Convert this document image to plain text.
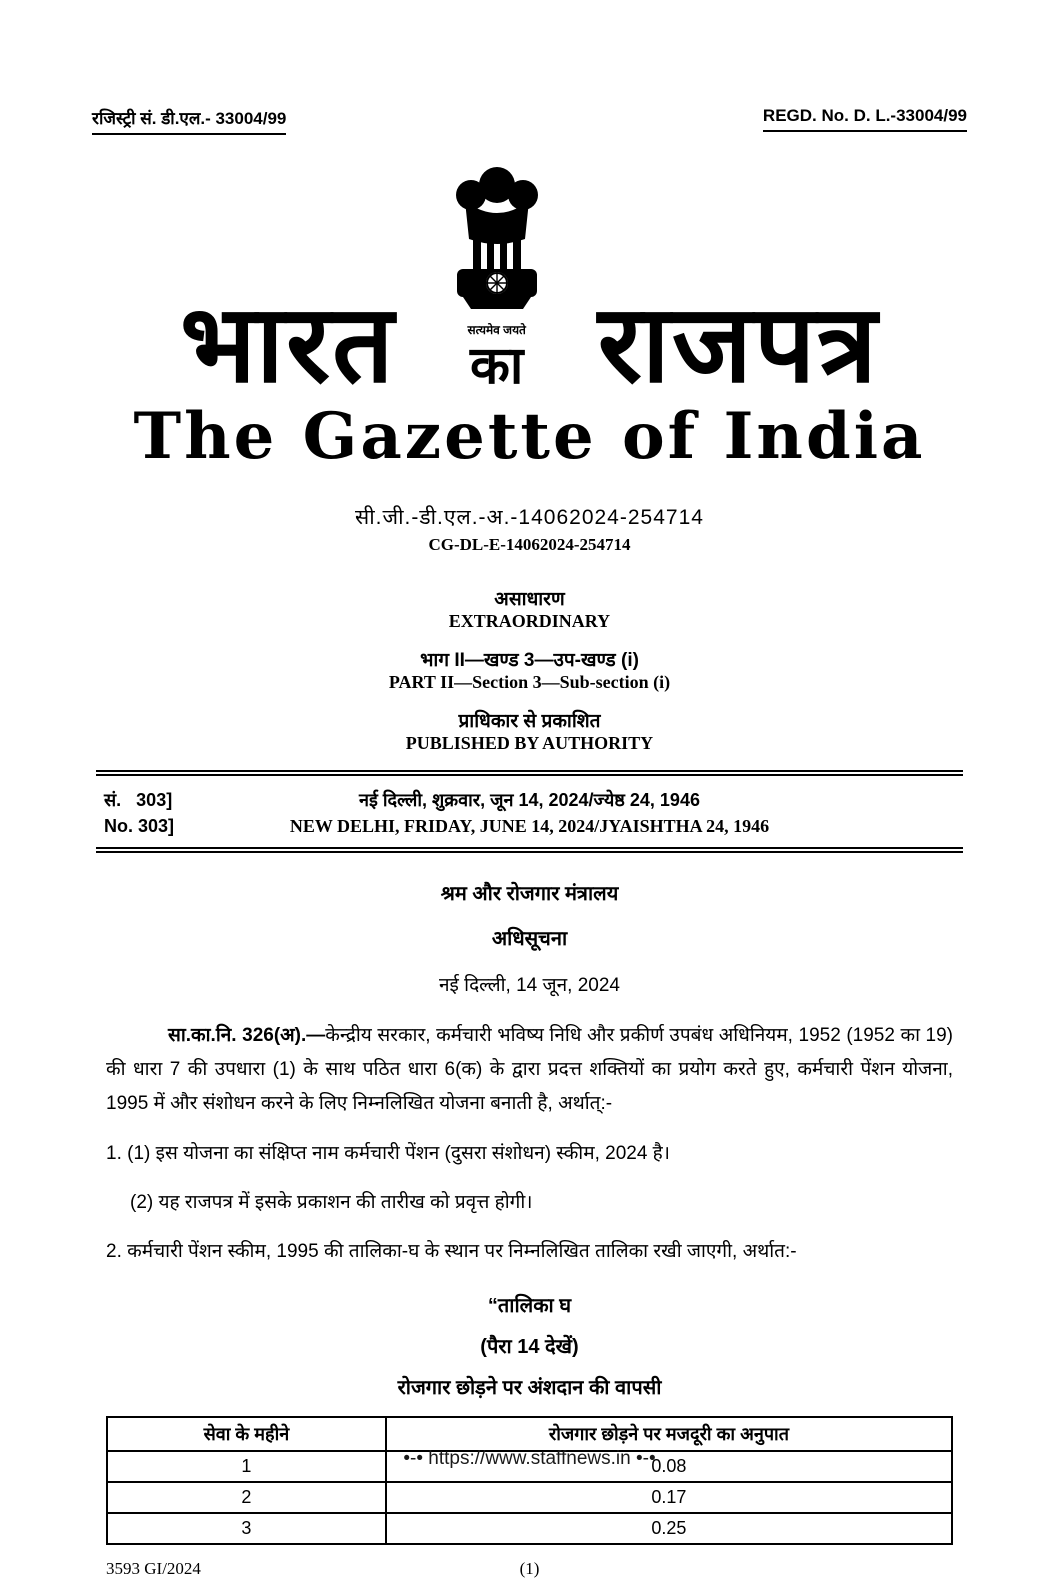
रजिस्ट्री सं. डी.एल.- 33004/99	REGD. No. D. L.-33004/99
भारत	सत्यमेव जयते
का राजपत्र
The Gazette of India
सी.जी.-डी.एल.-अ.-14062024-254714
CG-DL-E-14062024-254714
असाधारण
EXTRAORDINARY
भाग II—खण्ड 3—उप-खण्ड (i)
PART II—Section 3—Sub-section (i)
प्राधिकार से प्रकाशित
PUBLISHED BY AUTHORITY
सं.   303]	नई दिल्ली, शुक्रवार, जून 14, 2024/ज्येष्ठ 24, 1946
No. 303]	NEW DELHI, FRIDAY, JUNE 14, 2024/JYAISHTHA 24, 1946
श्रम और रोजगार मंत्रालय
अधिसूचना
नई दिल्ली, 14 जून, 2024

सा.का.नि. 326(अ).—केन्द्रीय सरकार, कर्मचारी भविष्य निधि और प्रकीर्ण उपबंध अधिनियम, 1952 (1952 का 19) की धारा 7 की उपधारा (1) के साथ पठित धारा 6(क) के द्वारा प्रदत्त शक्तियों का प्रयोग करते हुए, कर्मचारी पेंशन योजना, 1995 में और संशोधन करने के लिए निम्नलिखित योजना बनाती है, अर्थात्:-

1. (1) इस योजना का संक्षिप्त नाम कर्मचारी पेंशन (दुसरा संशोधन) स्कीम, 2024 है।
(2) यह राजपत्र में इसके प्रकाशन की तारीख को प्रवृत्त होगी।
2. कर्मचारी पेंशन स्कीम, 1995 की तालिका-घ के स्थान पर निम्नलिखित तालिका रखी जाएगी, अर्थात:-
“तालिका घ
(पैरा 14 देखें)
रोजगार छोड़ने पर अंशदान की वापसी
सेवा के महीने	रोजगार छोड़ने पर मजदूरी का अनुपात
1	0.08
2	0.17
3	0.25
3593 GI/2024	(1)
•-• https://www.staffnews.in •-•
